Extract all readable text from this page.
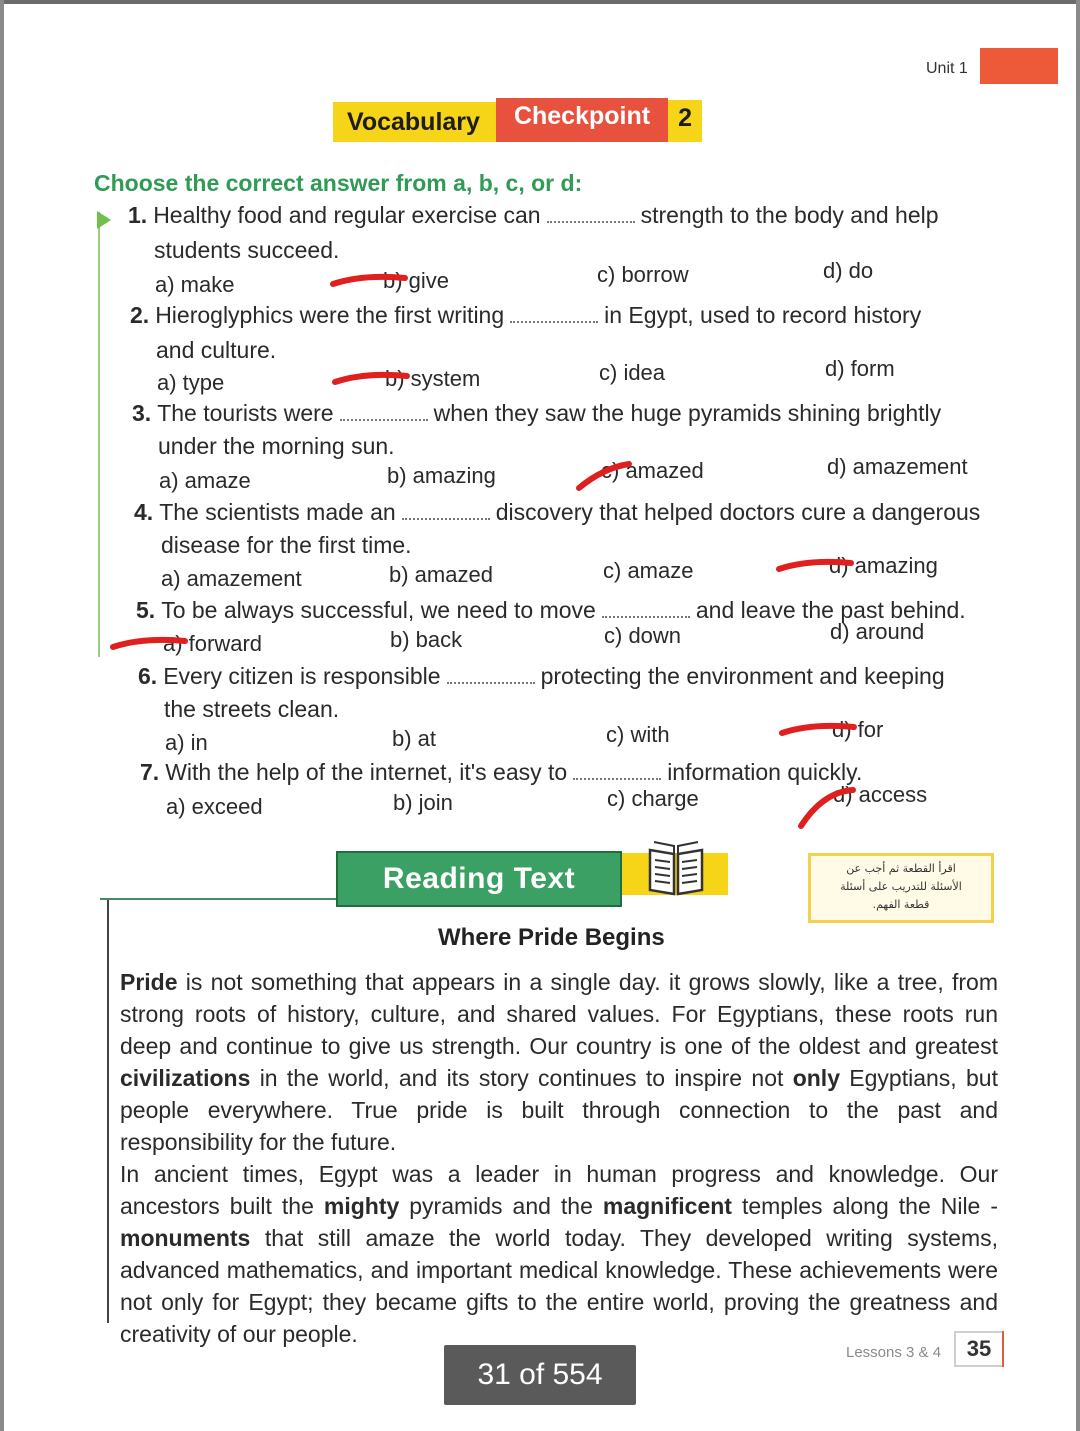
Unit 1
Vocabulary	Checkpoint	2
Choose the correct answer from a, b, c, or d:
1. Healthy food and regular exercise can	strength to the body and help
students succeed.
a) make	b) give	c) borrow	d) do
2. Hieroglyphics were the first writing	in Egypt, used to record history
and culture.
a) type	b) system	c) idea	d) form
3. The tourists were	when they saw the huge pyramids shining brightly
under the morning sun.
a) amaze	b) amazing	c) amazed	d) amazement
4. The scientists made an	discovery that helped doctors cure a dangerous
disease for the first time.
a) amazement	b) amazed	c) amaze	d) amazing
5. To be always successful, we need to move	and leave the past behind.
a) forward	b) back	c) down	d) around
6. Every citizen is responsible	protecting the environment and keeping
the streets clean.
a) in	b) at	c) with	d) for
7. With the help of the internet, it's easy to	information quickly.
a) exceed	b) join	c) charge	d) access
Reading Text	اقرأ القطعة ثم أجب عن
الأسئلة للتدريب على أسئلة
قطعة الفهم.
Where Pride Begins

Pride is not something that appears in a single day. it grows slowly, like a tree, from strong roots of history, culture, and shared values. For Egyptians, these roots run deep and continue to give us strength. Our country is one of the oldest and greatest civilizations in the world, and its story continues to inspire not only Egyptians, but people everywhere. True pride is built through connection to the past and responsibility for the future.

In ancient times, Egypt was a leader in human progress and knowledge. Our ancestors built the mighty pyramids and the magnificent temples along the Nile - monuments that still amaze the world today. They developed writing systems, advanced mathematics, and important medical knowledge. These achievements were not only for Egypt; they became gifts to the entire world, proving the greatness and creativity of our people.

Lessons 3 & 4	35
31 of 554
